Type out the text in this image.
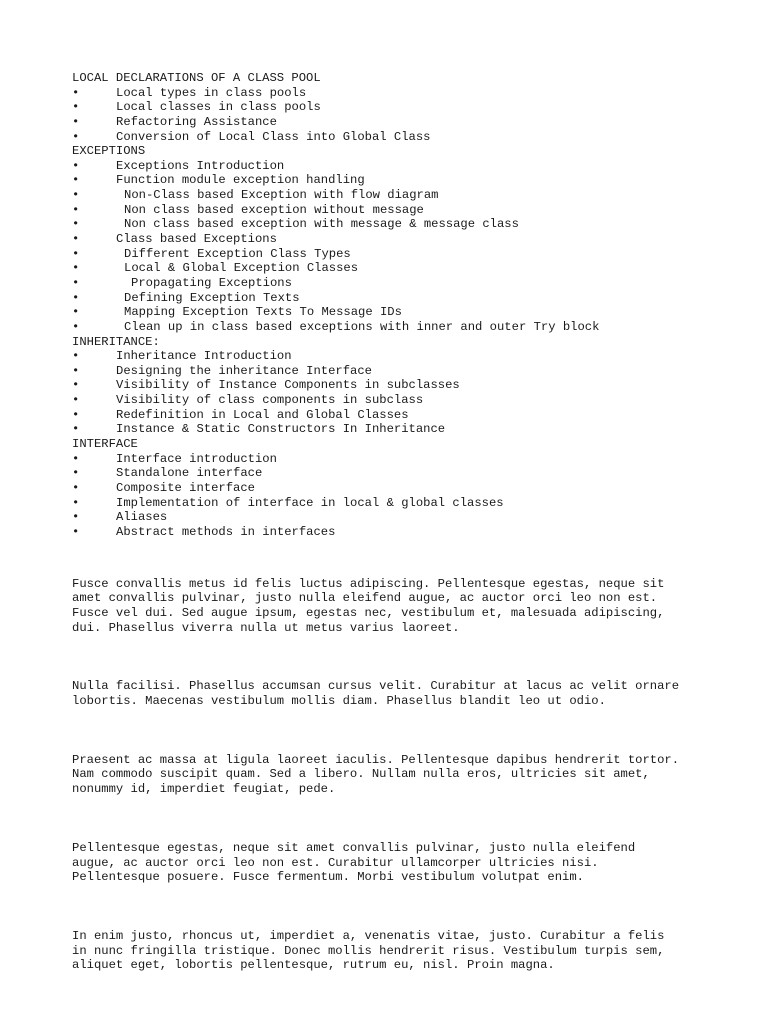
LOCAL DECLARATIONS OF A CLASS POOL
•	Local types in class pools
•	Local classes in class pools
•	Refactoring Assistance
•	Conversion of Local Class into Global Class
EXCEPTIONS
•	Exceptions Introduction
•	Function module exception handling
•	Non-Class based Exception with flow diagram
•	Non class based exception without message
•	Non class based exception with message & message class
•	Class based Exceptions
•	Different Exception Class Types
•	Local & Global Exception Classes
•	Propagating Exceptions
•	Defining Exception Texts
•	Mapping Exception Texts To Message IDs
•	Clean up in class based exceptions with inner and outer Try block
INHERITANCE:
•	Inheritance Introduction
•	Designing the inheritance Interface
•	Visibility of Instance Components in subclasses
•	Visibility of class components in subclass
•	Redefinition in Local and Global Classes
•	Instance & Static Constructors In Inheritance
INTERFACE
•	Interface introduction
•	Standalone interface
•	Composite interface
•	Implementation of interface in local & global classes
•	Aliases
•	Abstract methods in interfaces

Fusce convallis metus id felis luctus adipiscing. Pellentesque egestas, neque sit
amet convallis pulvinar, justo nulla eleifend augue, ac auctor orci leo non est.
Fusce vel dui. Sed augue ipsum, egestas nec, vestibulum et, malesuada adipiscing,
dui. Phasellus viverra nulla ut metus varius laoreet.

Nulla facilisi. Phasellus accumsan cursus velit. Curabitur at lacus ac velit ornare
lobortis. Maecenas vestibulum mollis diam. Phasellus blandit leo ut odio.

Praesent ac massa at ligula laoreet iaculis. Pellentesque dapibus hendrerit tortor.
Nam commodo suscipit quam. Sed a libero. Nullam nulla eros, ultricies sit amet,
nonummy id, imperdiet feugiat, pede.

Pellentesque egestas, neque sit amet convallis pulvinar, justo nulla eleifend
augue, ac auctor orci leo non est. Curabitur ullamcorper ultricies nisi.
Pellentesque posuere. Fusce fermentum. Morbi vestibulum volutpat enim.

In enim justo, rhoncus ut, imperdiet a, venenatis vitae, justo. Curabitur a felis
in nunc fringilla tristique. Donec mollis hendrerit risus. Vestibulum turpis sem,
aliquet eget, lobortis pellentesque, rutrum eu, nisl. Proin magna.
